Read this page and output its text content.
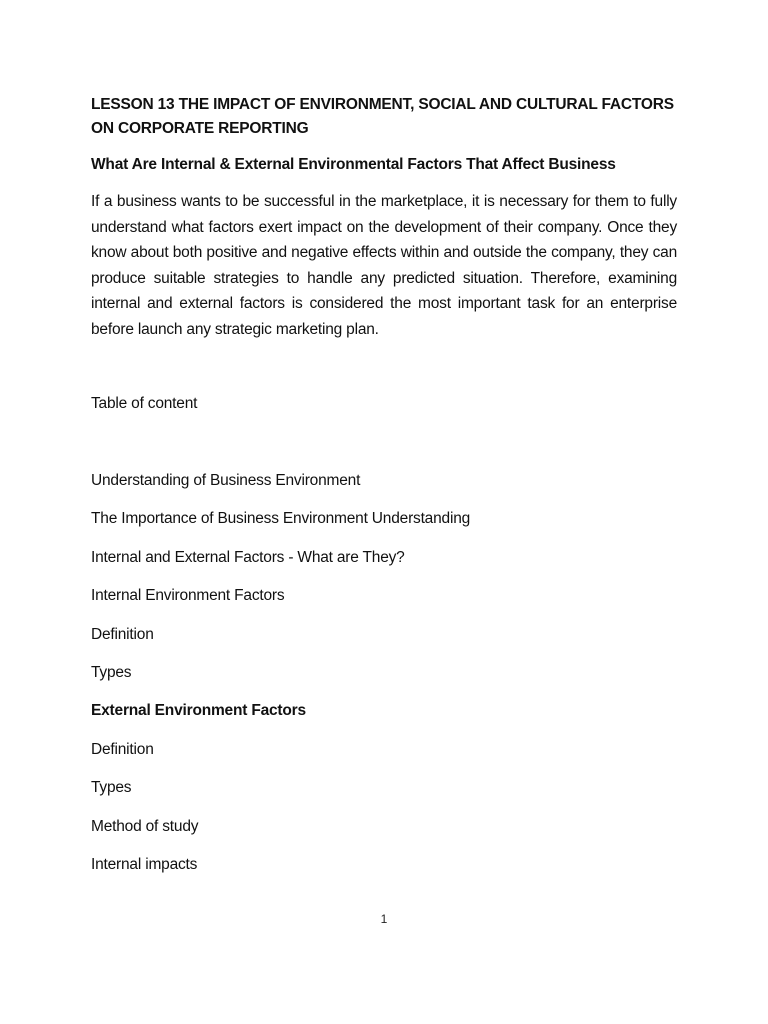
LESSON 13 THE IMPACT OF ENVIRONMENT, SOCIAL AND CULTURAL FACTORS ON CORPORATE REPORTING
What Are Internal & External Environmental Factors That Affect Business

If a business wants to be successful in the marketplace, it is necessary for them to fully understand what factors exert impact on the development of their company. Once they know about both positive and negative effects within and outside the company, they can produce suitable strategies to handle any predicted situation. Therefore, examining internal and external factors is considered the most important task for an enterprise before launch any strategic marketing plan.

Table of content

Understanding of Business Environment
The Importance of Business Environment Understanding
Internal and External Factors - What are They?
Internal Environment Factors
Definition
Types
External Environment Factors
Definition
Types
Method of study
Internal impacts
1
